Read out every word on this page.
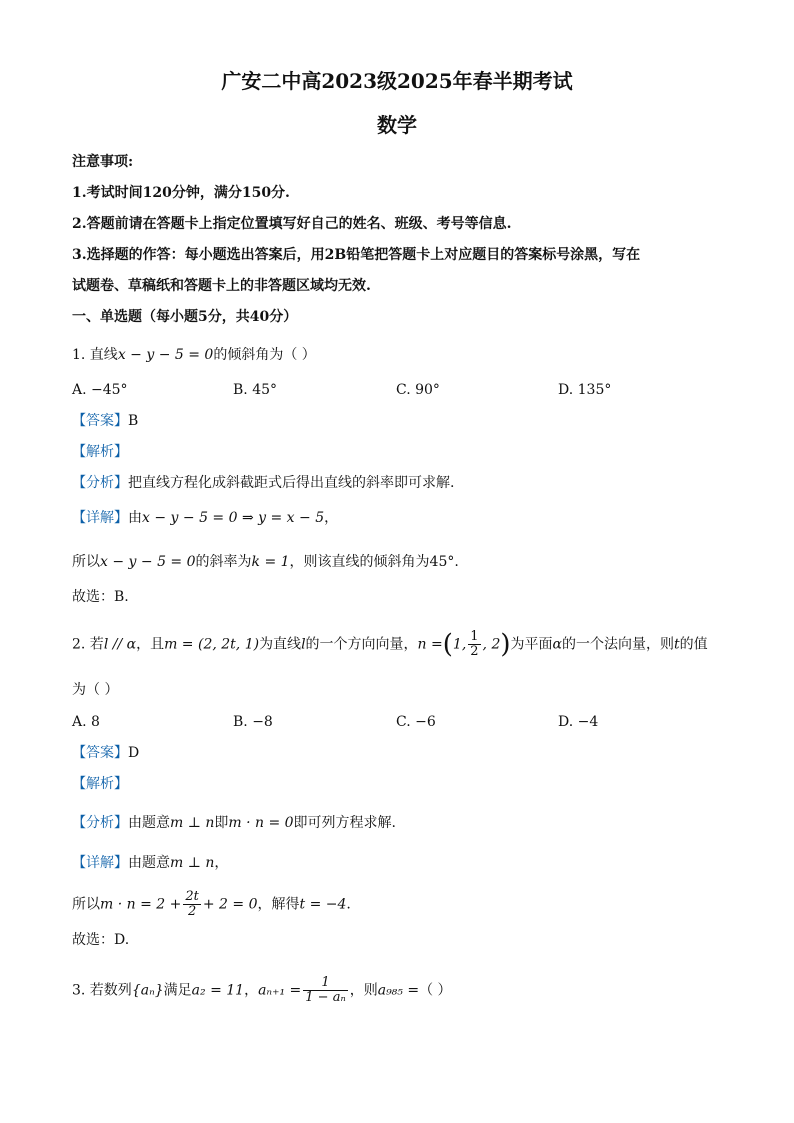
广安二中高2023级2025年春半期考试
数学
注意事项:
1.考试时间120分钟，满分150分.
2.答题前请在答题卡上指定位置填写好自己的姓名、班级、考号等信息.
3.选择题的作答：每小题选出答案后，用2B铅笔把答题卡上对应题目的答案标号涂黑，写在
试题卷、草稿纸和答题卡上的非答题区域均无效.
一、单选题（每小题5分，共40分）
1. 直线x − y − 5 = 0的倾斜角为（ ）
A. −45°	B. 45°	C. 90°	D. 135°
【答案】B
【解析】
【分析】把直线方程化成斜截距式后得出直线的斜率即可求解.
【详解】由x − y − 5 = 0 ⇒ y = x − 5，
所以x − y − 5 = 0的斜率为k = 1，则该直线的倾斜角为45°.
故选：B.
2. 若l // α，且m = (2, 2t, 1)为直线l的一个方向向量，n =(1, $\frac{1}{2}$ , 2)为平面α的一个法向量，则t的值
为（ ）
A. 8	B. −8	C. −6	D. −4
【答案】D
【解析】
【分析】由题意m ⊥ n即m · n = 0即可列方程求解.
【详解】由题意m ⊥ n，
所以$m \cdot n = 2 + \frac{2t}{2} + 2 = 0$，解得t = −4.
故选：D.
3. 若数列{aₙ}满足a₂ = 11，$a_{n+1} = \frac{1}{\text{1 − aₙ}}$ ，则a₉₈₅ =（ ）
